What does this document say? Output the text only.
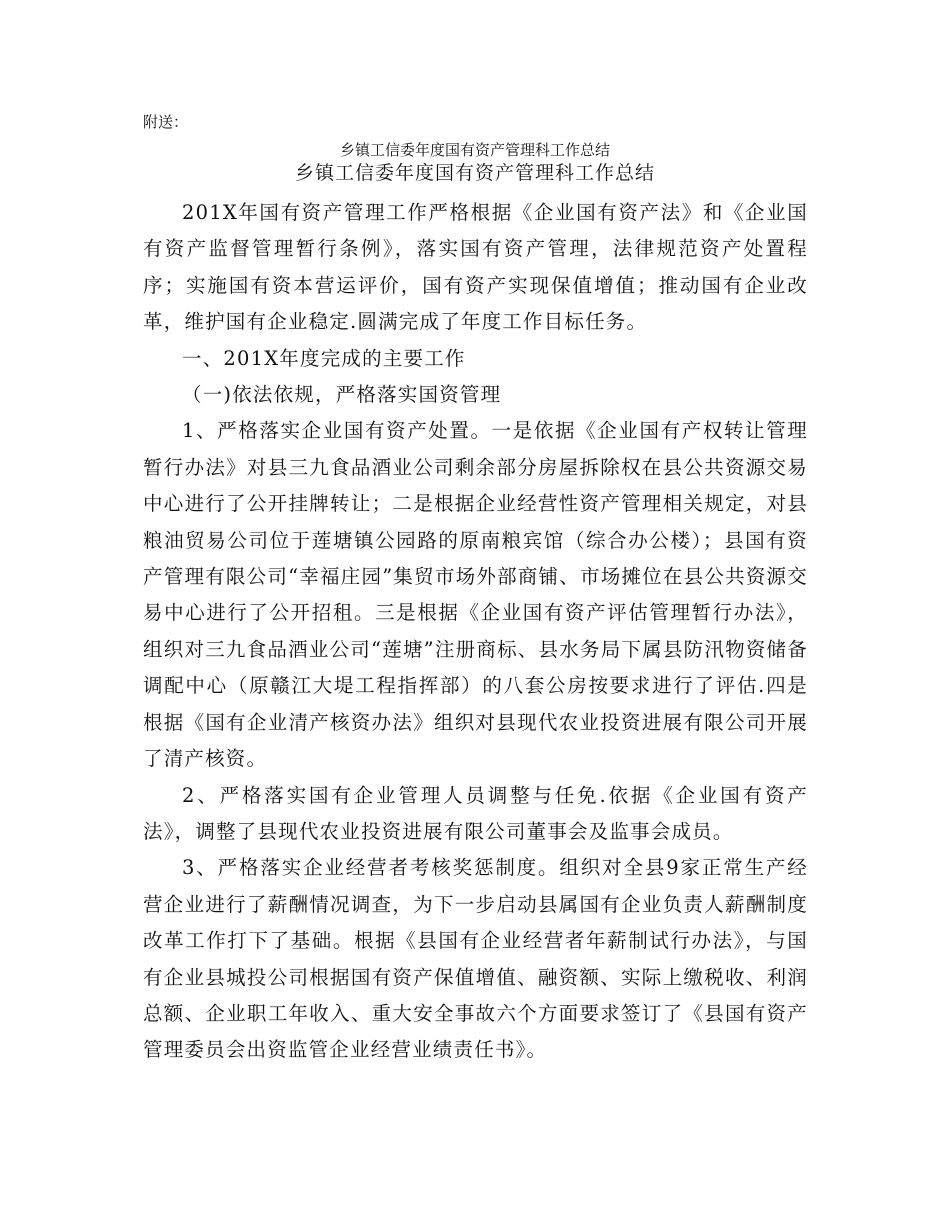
附送：
乡镇工信委年度国有资产管理科工作总结
乡镇工信委年度国有资产管理科工作总结

201X年国有资产管理工作严格根据《企业国有资产法》和《企业国有资产监督管理暂行条例》，落实国有资产管理，法律规范资产处置程序；实施国有资本营运评价，国有资产实现保值增值；推动国有企业改革，维护国有企业稳定.圆满完成了年度工作目标任务。

一、201X年度完成的主要工作

（一)依法依规，严格落实国资管理

1、严格落实企业国有资产处置。一是依据《企业国有产权转让管理暂行办法》对县三九食品酒业公司剩余部分房屋拆除权在县公共资源交易中心进行了公开挂牌转让；二是根据企业经营性资产管理相关规定，对县粮油贸易公司位于莲塘镇公园路的原南粮宾馆（综合办公楼）；县国有资产管理有限公司“幸福庄园”集贸市场外部商铺、市场摊位在县公共资源交易中心进行了公开招租。三是根据《企业国有资产评估管理暂行办法》，组织对三九食品酒业公司“莲塘”注册商标、县水务局下属县防汛物资储备调配中心（原赣江大堤工程指挥部）的八套公房按要求进行了评估.四是根据《国有企业清产核资办法》组织对县现代农业投资进展有限公司开展了清产核资。

2、严格落实国有企业管理人员调整与任免.依据《企业国有资产法》，调整了县现代农业投资进展有限公司董事会及监事会成员。

3、严格落实企业经营者考核奖惩制度。组织对全县9家正常生产经营企业进行了薪酬情况调查，为下一步启动县属国有企业负责人薪酬制度改革工作打下了基础。根据《县国有企业经营者年薪制试行办法》，与国有企业县城投公司根据国有资产保值增值、融资额、实际上缴税收、利润总额、企业职工年收入、重大安全事故六个方面要求签订了《县国有资产管理委员会出资监管企业经营业绩责任书》。
